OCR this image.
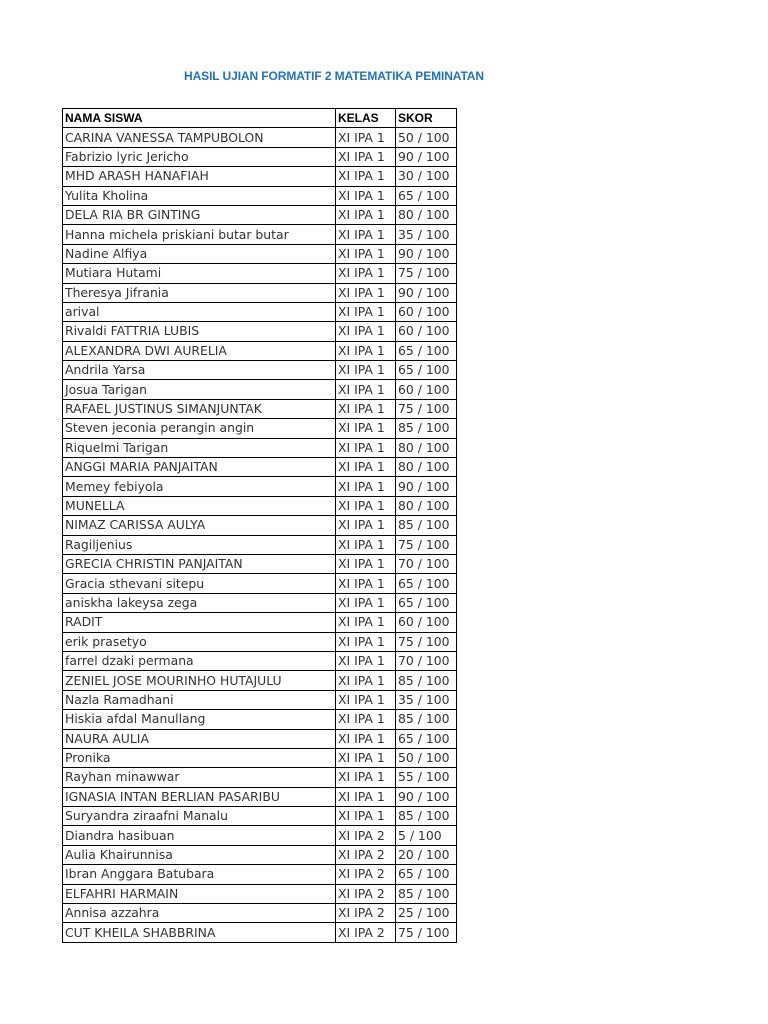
HASIL UJIAN FORMATIF 2 MATEMATIKA PEMINATAN
NAMA SISWA	KELAS	SKOR
CARINA VANESSA TAMPUBOLON	XI IPA 1	50 / 100
Fabrizio lyric Jericho	XI IPA 1	90 / 100
MHD ARASH HANAFIAH	XI IPA 1	30 / 100
Yulita Kholina	XI IPA 1	65 / 100
DELA RIA BR GINTING	XI IPA 1	80 / 100
Hanna michela priskiani butar butar	XI IPA 1	35 / 100
Nadine Alfiya	XI IPA 1	90 / 100
Mutiara Hutami	XI IPA 1	75 / 100
Theresya Jifrania	XI IPA 1	90 / 100
arival	XI IPA 1	60 / 100
Rivaldi FATTRIA LUBIS	XI IPA 1	60 / 100
ALEXANDRA DWI AURELIA	XI IPA 1	65 / 100
Andrila Yarsa	XI IPA 1	65 / 100
Josua Tarigan	XI IPA 1	60 / 100
RAFAEL JUSTINUS SIMANJUNTAK	XI IPA 1	75 / 100
Steven jeconia perangin angin	XI IPA 1	85 / 100
Riquelmi Tarigan	XI IPA 1	80 / 100
ANGGI MARIA PANJAITAN	XI IPA 1	80 / 100
Memey febiyola	XI IPA 1	90 / 100
MUNELLA	XI IPA 1	80 / 100
NIMAZ CARISSA AULYA	XI IPA 1	85 / 100
Ragiljenius	XI IPA 1	75 / 100
GRECIA CHRISTIN PANJAITAN	XI IPA 1	70 / 100
Gracia sthevani sitepu	XI IPA 1	65 / 100
aniskha lakeysa zega	XI IPA 1	65 / 100
RADIT	XI IPA 1	60 / 100
erik prasetyo	XI IPA 1	75 / 100
farrel dzaki permana	XI IPA 1	70 / 100
ZENIEL JOSE MOURINHO HUTAJULU	XI IPA 1	85 / 100
Nazla Ramadhani	XI IPA 1	35 / 100
Hiskia afdal Manullang	XI IPA 1	85 / 100
NAURA AULIA	XI IPA 1	65 / 100
Pronika	XI IPA 1	50 / 100
Rayhan minawwar	XI IPA 1	55 / 100
IGNASIA INTAN BERLIAN PASARIBU	XI IPA 1	90 / 100
Suryandra ziraafni Manalu	XI IPA 1	85 / 100
Diandra hasibuan	XI IPA 2	5 / 100
Aulia Khairunnisa	XI IPA 2	20 / 100
Ibran Anggara Batubara	XI IPA 2	65 / 100
ELFAHRI HARMAIN	XI IPA 2	85 / 100
Annisa azzahra	XI IPA 2	25 / 100
CUT KHEILA SHABBRINA	XI IPA 2	75 / 100
